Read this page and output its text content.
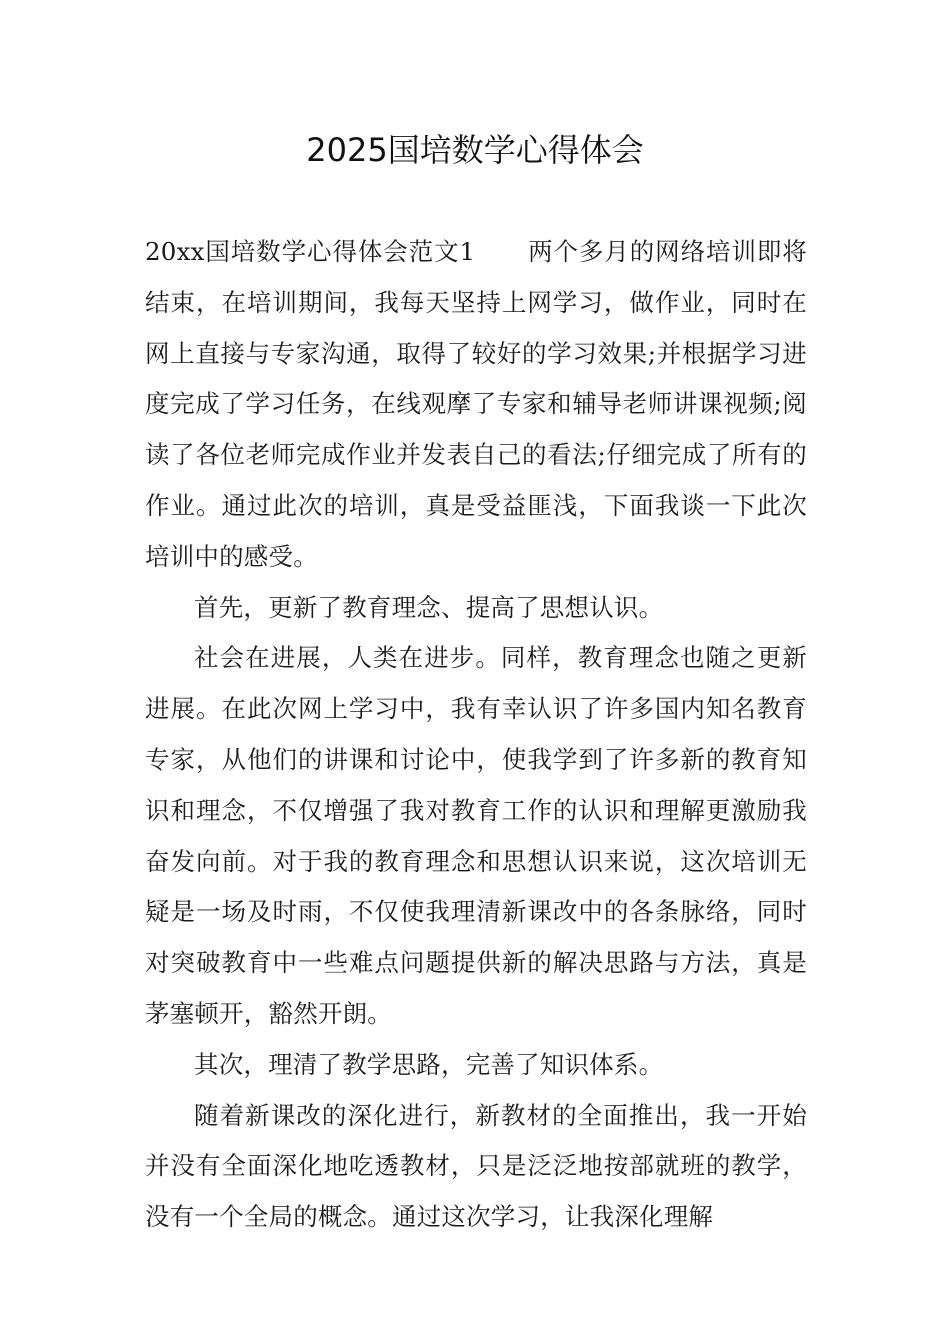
2025国培数学心得体会

20xx国培数学心得体会范文1 两个多月的网络培训即将结束，在培训期间，我每天坚持上网学习，做作业，同时在网上直接与专家沟通，取得了较好的学习效果;并根据学习进度完成了学习任务，在线观摩了专家和辅导老师讲课视频;阅读了各位老师完成作业并发表自己的看法;仔细完成了所有的作业。通过此次的培训，真是受益匪浅，下面我谈一下此次培训中的感受。

首先，更新了教育理念、提高了思想认识。

社会在进展，人类在进步。同样，教育理念也随之更新进展。在此次网上学习中，我有幸认识了许多国内知名教育专家，从他们的讲课和讨论中，使我学到了许多新的教育知识和理念，不仅增强了我对教育工作的认识和理解更激励我奋发向前。对于我的教育理念和思想认识来说，这次培训无疑是一场及时雨，不仅使我理清新课改中的各条脉络，同时对突破教育中一些难点问题提供新的解决思路与方法，真是茅塞顿开，豁然开朗。

其次，理清了教学思路，完善了知识体系。

随着新课改的深化进行，新教材的全面推出，我一开始并没有全面深化地吃透教材，只是泛泛地按部就班的教学，没有一个全局的概念。通过这次学习，让我深化理解
